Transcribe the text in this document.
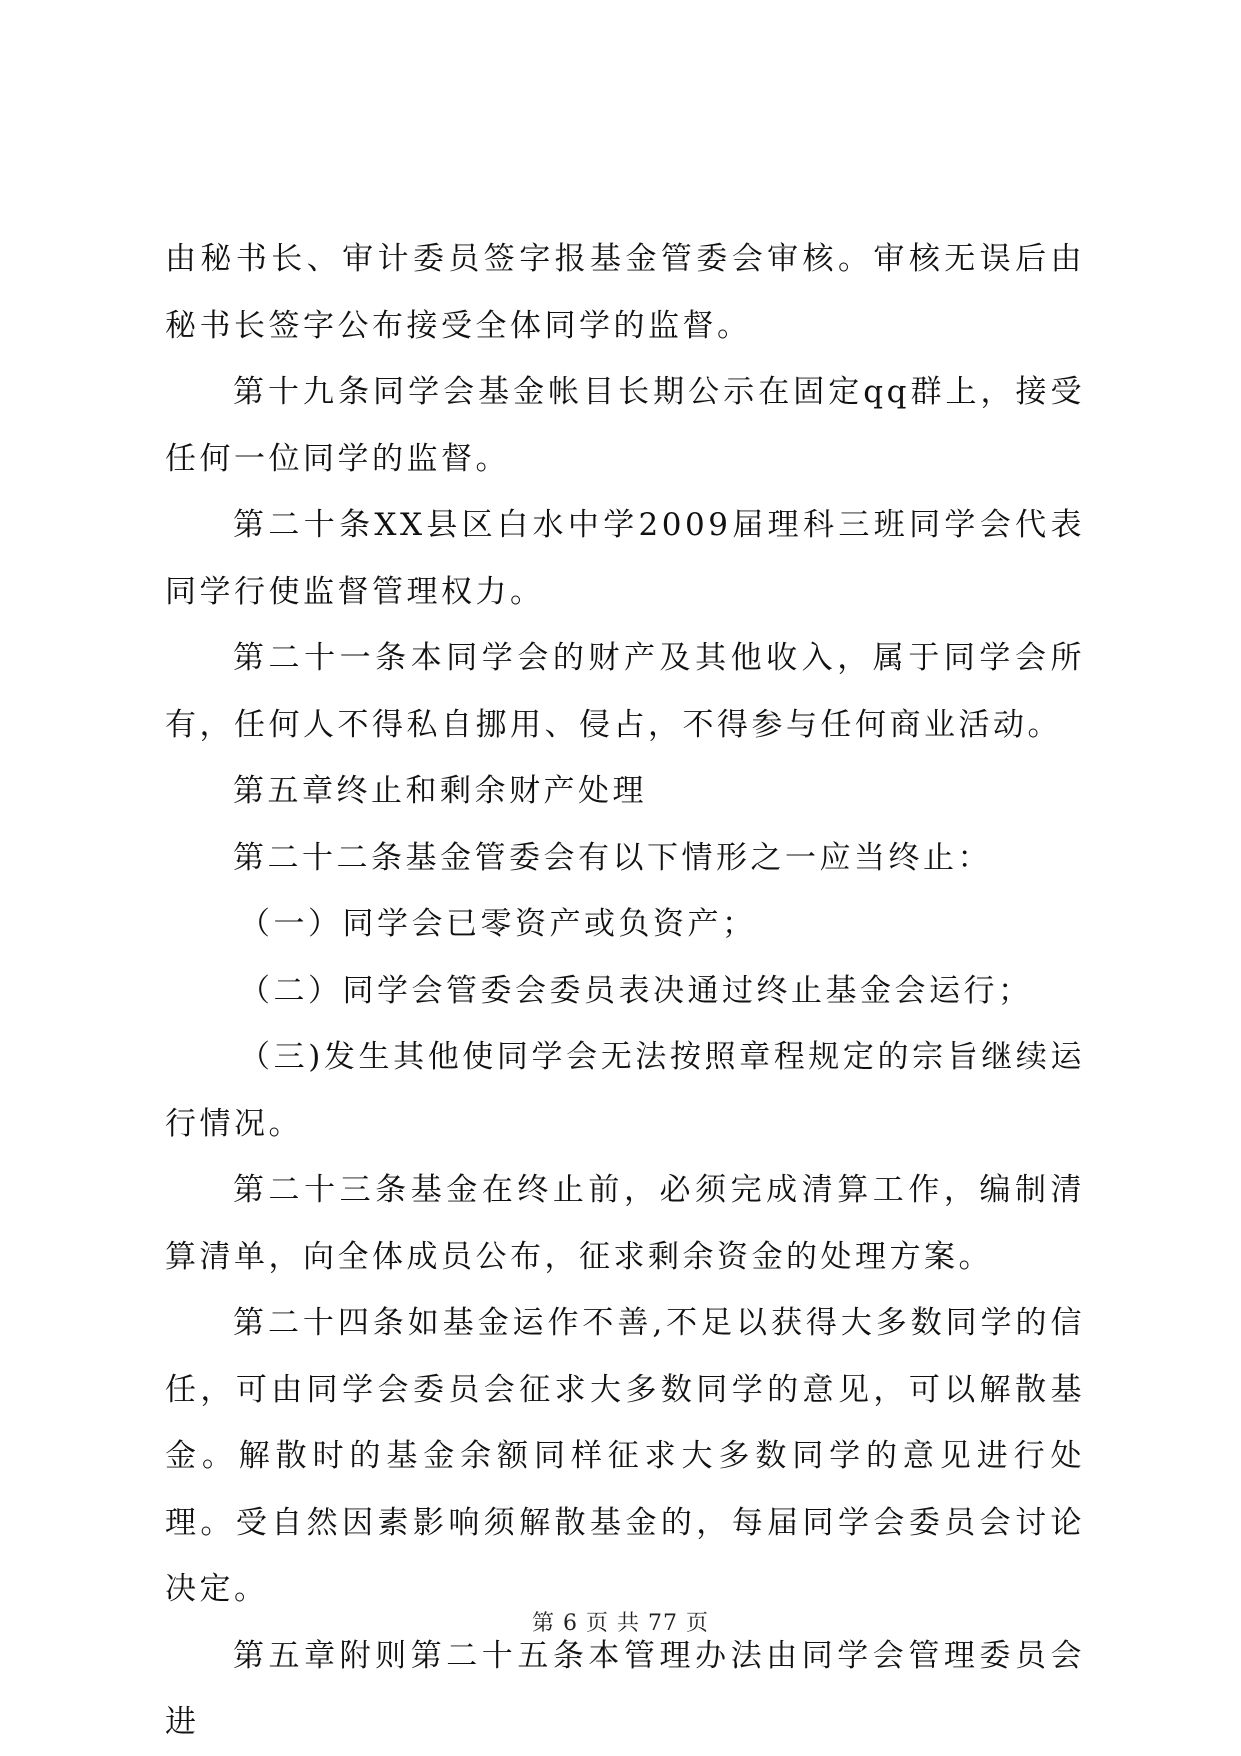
由秘书长、审计委员签字报基金管委会审核。审核无误后由秘书长签字公布接受全体同学的监督。

第十九条同学会基金帐目长期公示在固定qq群上，接受任何一位同学的监督。

第二十条XX县区白水中学2009届理科三班同学会代表同学行使监督管理权力。

第二十一条本同学会的财产及其他收入，属于同学会所有，任何人不得私自挪用、侵占，不得参与任何商业活动。

第五章终止和剩余财产处理

第二十二条基金管委会有以下情形之一应当终止：

（一）同学会已零资产或负资产；

（二）同学会管委会委员表决通过终止基金会运行；

（三)发生其他使同学会无法按照章程规定的宗旨继续运行情况。

第二十三条基金在终止前，必须完成清算工作，编制清算清单，向全体成员公布，征求剩余资金的处理方案。

第二十四条如基金运作不善,不足以获得大多数同学的信任，可由同学会委员会征求大多数同学的意见，可以解散基金。解散时的基金余额同样征求大多数同学的意见进行处理。受自然因素影响须解散基金的，每届同学会委员会讨论决定。

第五章附则第二十五条本管理办法由同学会管理委员会进

第 6 页 共 77 页
